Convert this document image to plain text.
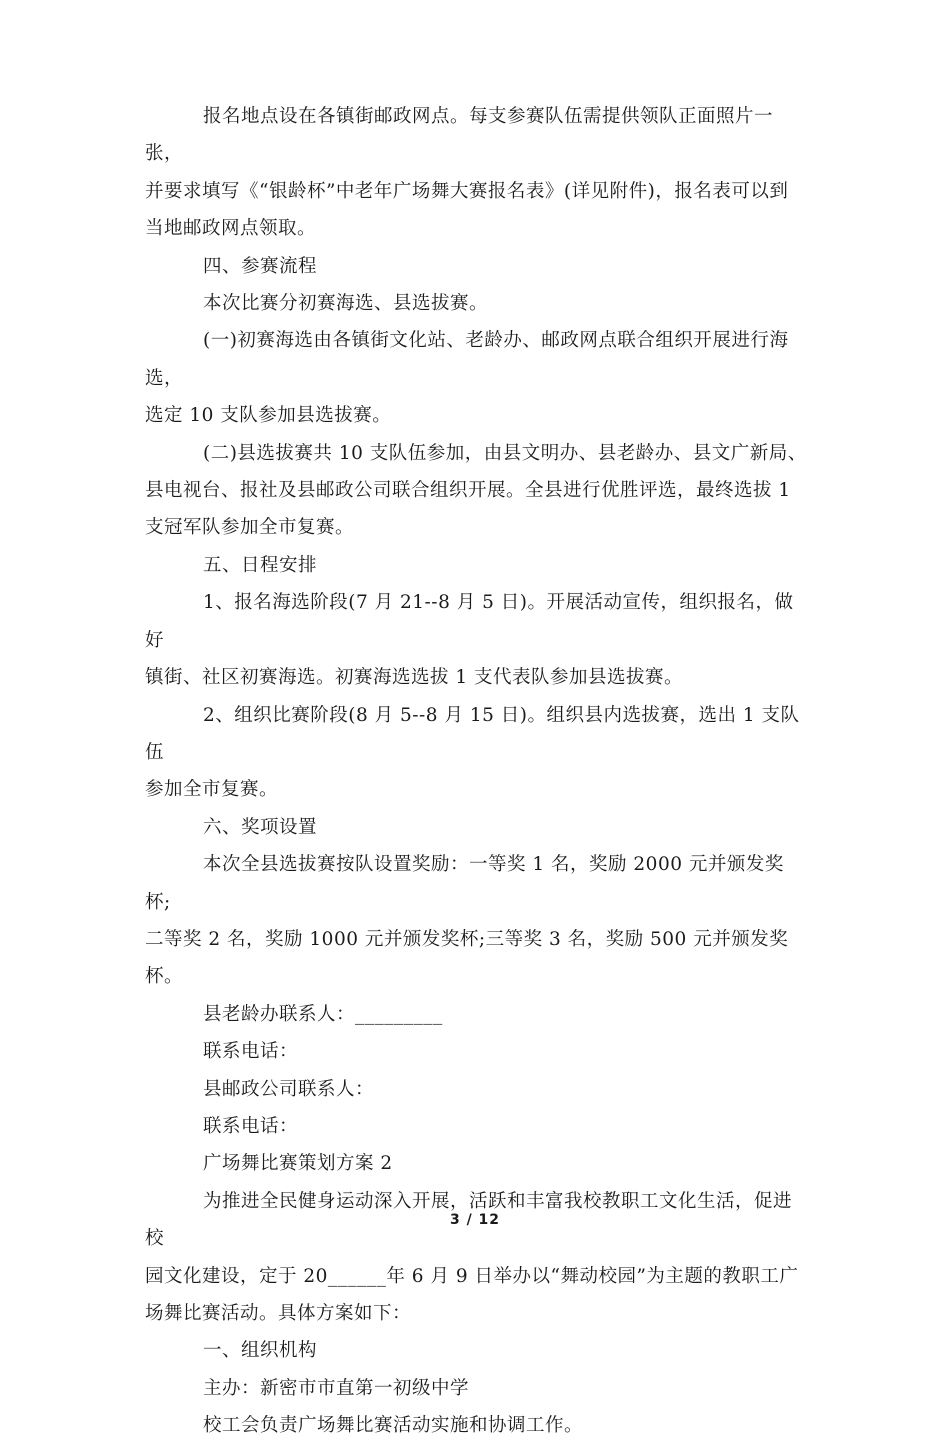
报名地点设在各镇街邮政网点。每支参赛队伍需提供领队正面照片一张，
并要求填写《“银龄杯”中老年广场舞大赛报名表》(详见附件)，报名表可以到
当地邮政网点领取。
四、参赛流程
本次比赛分初赛海选、县选拔赛。
(一)初赛海选由各镇街文化站、老龄办、邮政网点联合组织开展进行海选，
选定 10 支队参加县选拔赛。
(二)县选拔赛共 10 支队伍参加，由县文明办、县老龄办、县文广新局、
县电视台、报社及县邮政公司联合组织开展。全县进行优胜评选，最终选拔 1
支冠军队参加全市复赛。
五、日程安排
1、报名海选阶段(7 月 21--8 月 5 日)。开展活动宣传，组织报名，做好
镇街、社区初赛海选。初赛海选选拔 1 支代表队参加县选拔赛。
2、组织比赛阶段(8 月 5--8 月 15 日)。组织县内选拔赛，选出 1 支队伍
参加全市复赛。
六、奖项设置
本次全县选拔赛按队设置奖励：一等奖 1 名，奖励 2000 元并颁发奖杯;
二等奖 2 名，奖励 1000 元并颁发奖杯;三等奖 3 名，奖励 500 元并颁发奖杯。
县老龄办联系人：_________
联系电话：
县邮政公司联系人：
联系电话：
广场舞比赛策划方案 2
为推进全民健身运动深入开展，活跃和丰富我校教职工文化生活，促进校
园文化建设，定于 20______年 6 月 9 日举办以“舞动校园”为主题的教职工广
场舞比赛活动。具体方案如下：
一、组织机构
主办：新密市市直第一初级中学
校工会负责广场舞比赛活动实施和协调工作。
3 / 12
